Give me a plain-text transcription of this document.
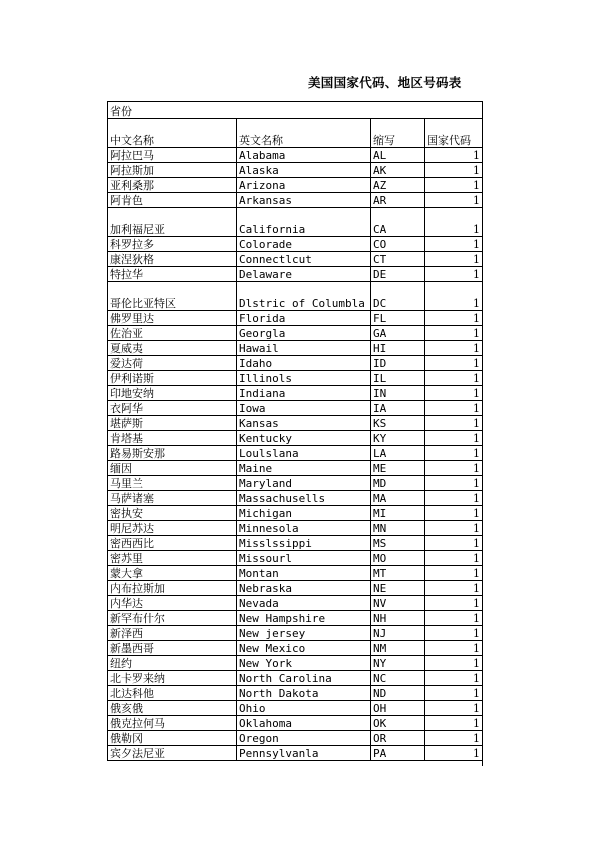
美国国家代码、地区号码表
省份				
中文名称	英文名称	缩写	国家代码	
阿拉巴马	Alabama	AL	1	
阿拉斯加	Alaska	AK	1	
亚利桑那	Arizona	AZ	1	
阿肯色	Arkansas	AR	1	
加利福尼亚	California	CA	1	
科罗拉多	Colorade	CO	1	
康涅狄格	Connectlcut	CT	1	
特拉华	Delaware	DE	1	
哥伦比亚特区	Dlstric of Columbla	DC	1	
佛罗里达	Florida	FL	1	
佐治亚	Georgla	GA	1	
夏威夷	Hawail	HI	1	
爱达荷	Idaho	ID	1	
伊利诺斯	Illinols	IL	1	
印地安纳	Indiana	IN	1	
衣阿华	Iowa	IA	1	
堪萨斯	Kansas	KS	1	
肯塔基	Kentucky	KY	1	
路易斯安那	Loulslana	LA	1	
缅因	Maine	ME	1	
马里兰	Maryland	MD	1	
马萨诸塞	Massachusells	MA	1	
密执安	Michigan	MI	1	
明尼苏达	Minnesola	MN	1	
密西西比	Misslssippi	MS	1	
密苏里	Missourl	MO	1	
蒙大拿	Montan	MT	1	
内布拉斯加	Nebraska	NE	1	
内华达	Nevada	NV	1	
新罕布什尔	New Hampshire	NH	1	
新泽西	New jersey	NJ	1	
新墨西哥	New Mexico	NM	1	
纽约	New York	NY	1	
北卡罗来纳	North Carolina	NC	1	
北达科他	North Dakota	ND	1	
俄亥俄	Ohio	OH	1	
俄克拉何马	Oklahoma	OK	1	
俄勒冈	Oregon	OR	1	
宾夕法尼亚	Pennsylvanla	PA	1	
